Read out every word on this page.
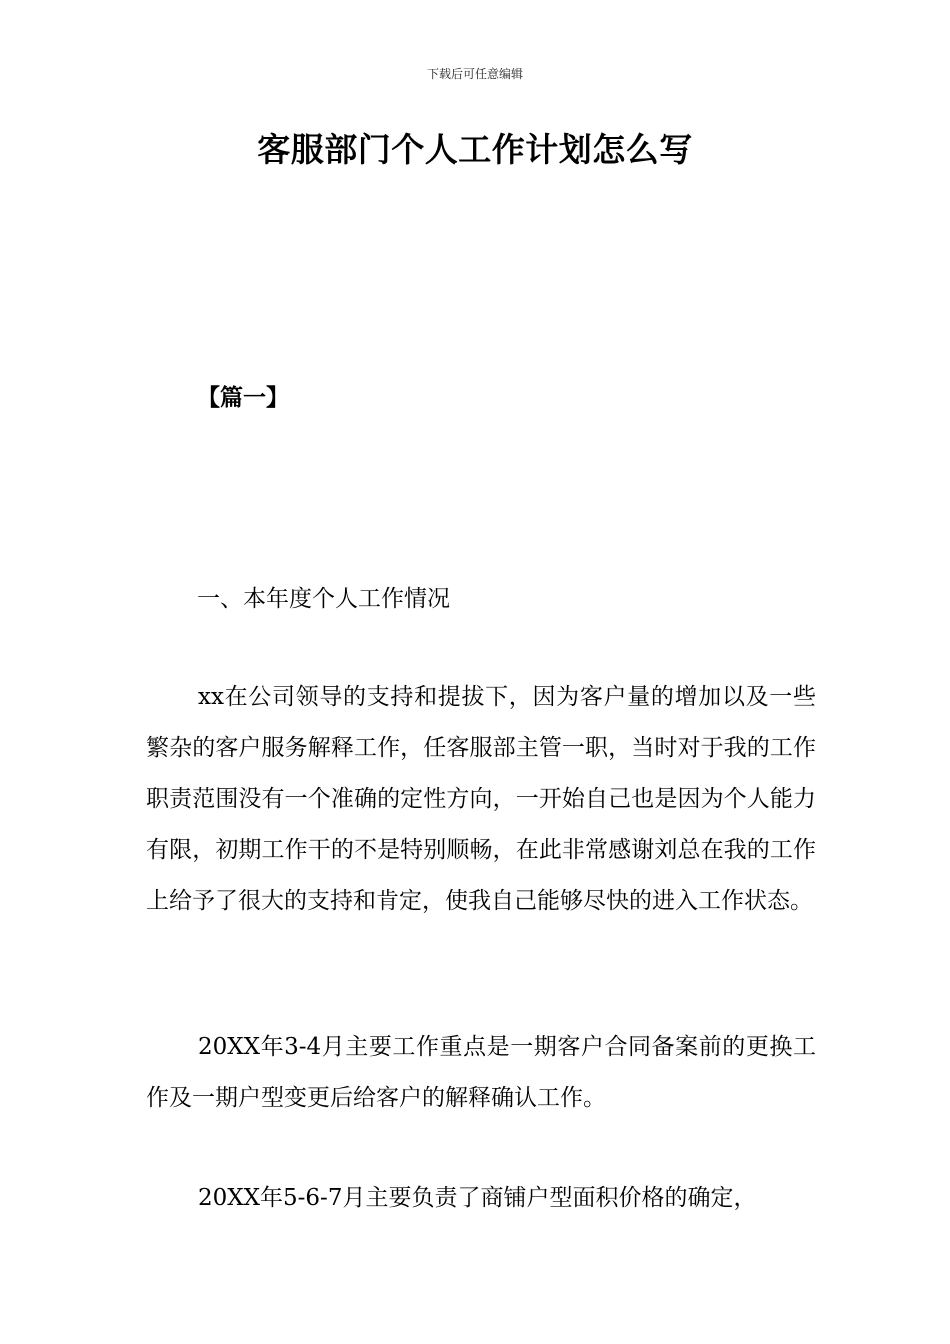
下载后可任意编辑
客服部门个人工作计划怎么写
【篇一】
一、本年度个人工作情况

xx在公司领导的支持和提拔下，因为客户量的增加以及一些繁杂的客户服务解释工作，任客服部主管一职，当时对于我的工作职责范围没有一个准确的定性方向，一开始自己也是因为个人能力有限，初期工作干的不是特别顺畅，在此非常感谢刘总在我的工作上给予了很大的支持和肯定，使我自己能够尽快的进入工作状态。

20XX年3-4月主要工作重点是一期客户合同备案前的更换工作及一期户型变更后给客户的解释确认工作。

20XX年5-6-7月主要负责了商铺户型面积价格的确定，
